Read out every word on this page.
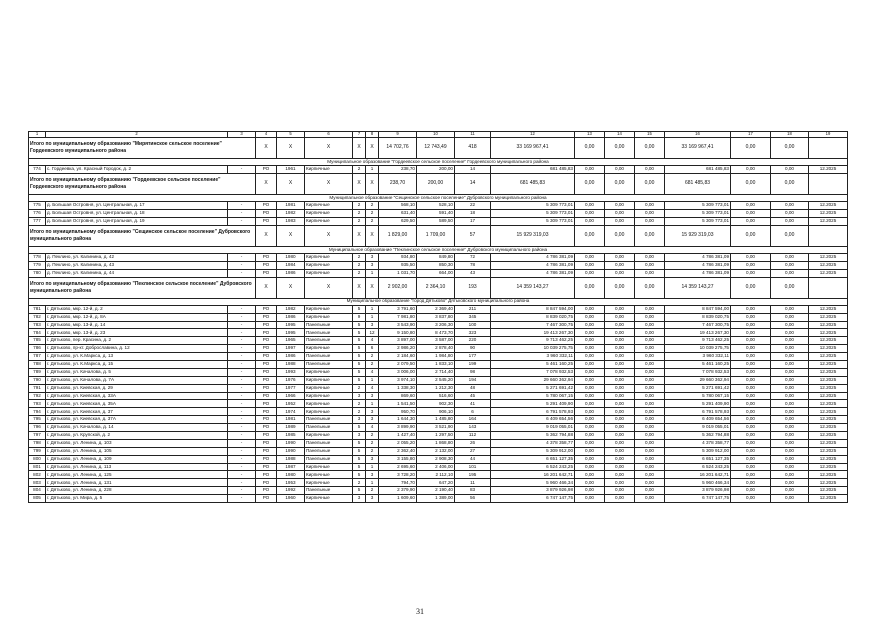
1	2	3	4	5	6	7	8	9	10	11	12	13	14	15	16	17	18	19
Итого по муниципальному образованию "Мирятинское сельское поселение" Гордеевского муниципального района			X	X	X	X	X	14 702,76	12 743,49	418	33 169 967,41	0,00	0,00	0,00	33 169 967,41	0,00	0,00	
Муниципальное образование "Гордеевское сельское поселение" Гордеевского муниципального района																		
774	с. Гордеевка, ул. Красный Городок, д. 2	-	РО	1961	Кирпичные	2	1	238,70	200,00	14	681 485,83	0,00	0,00	0,00	681 485,83	0,00	0,00	12.2025
Итого по муниципальному образованию "Гордеевское сельское поселение" Гордеевского муниципального района			X	X	X	X	X	238,70	200,00	14	681 485,83	0,00	0,00	0,00	681 485,83	0,00	0,00	
Муниципальное образование "Сещинское сельское поселение" Дубровского муниципального района																		
775	д. Большая Островня, ул. Центральная, д. 17	-	РО	1981	Кирпичные	2	2	568,10	528,10	22	5 309 773,01	0,00	0,00	0,00	5 309 773,01	0,00	0,00	12.2025
776	д. Большая Островня, ул. Центральная, д. 18	-	РО	1982	Кирпичные	2	2	631,40	591,40	18	5 309 773,01	0,00	0,00	0,00	5 309 773,01	0,00	0,00	12.2025
777	д. Большая Островня, ул. Центральная, д. 19	-	РО	1983	Кирпичные	2	2	629,50	589,50	17	5 309 773,01	0,00	0,00	0,00	5 309 773,01	0,00	0,00	12.2025
Итого по муниципальному образованию "Сещинское сельское поселение" Дубровского муниципального района			X	X	X	X	X	1 829,00	1 709,00	57	15 929 319,03	0,00	0,00	0,00	15 929 319,03	0,00	0,00	
Муниципальное образование "Пеклинское сельское поселение" Дубровского муниципального района																		
778	д. Пеклино, ул. Калинина, д. 42	-	РО	1980	Кирпичные	2	3	934,80	849,80	72	4 786 381,09	0,00	0,00	0,00	4 786 381,09	0,00	0,00	12.2025
779	д. Пеклино, ул. Калинина, д. 43	-	РО	1984	Кирпичные	2	3	935,50	850,30	78	4 786 381,09	0,00	0,00	0,00	4 786 381,09	0,00	0,00	12.2025
780	д. Пеклино, ул. Калинина, д. 44	-	РО	1986	Кирпичные	2	1	1 031,70	664,00	43	4 786 381,09	0,00	0,00	0,00	4 786 381,09	0,00	0,00	12.2025
Итого по муниципальному образованию "Пеклинское сельское поселение" Дубровского муниципального района			X	X	X	X	X	2 902,00	2 364,10	193	14 359 143,27	0,00	0,00	0,00	14 359 143,27	0,00	0,00	
Муниципальное образование "город Дятьково" Дятьковского муниципального района																		
781	г. Дятьково, мкр. 12-й, д. 2	-	РО	1982	Кирпичные	5	1	3 791,60	2 369,40	211	8 847 594,00	0,00	0,00	0,00	8 847 594,00	0,00	0,00	12.2025
782	г. Дятьково, мкр. 12-й, д. 8А	-	РО	1986	Кирпичные	9	1	7 981,80	3 837,80	345	8 839 020,75	0,00	0,00	0,00	8 839 020,75	0,00	0,00	12.2025
783	г. Дятьково, мкр. 13-й, д. 14	-	РО	1995	Панельные	5	3	3 543,90	3 206,30	100	7 467 300,75	0,00	0,00	0,00	7 467 300,75	0,00	0,00	12.2025
784	г. Дятьково, мкр. 13-й, д. 23	-	РО	1995	Панельные	5	12	9 150,80	8 473,70	323	19 413 267,30	0,00	0,00	0,00	19 413 267,30	0,00	0,00	12.2025
785	г. Дятьково, пер. Красина, д. 2	-	РО	1965	Панельные	5	4	3 897,00	3 587,00	220	9 713 462,25	0,00	0,00	0,00	9 713 462,25	0,00	0,00	12.2025
786	г. Дятьково, пр-кт. Доброславина, д. 12	-	РО	1997	Кирпичные	5	6	2 986,20	2 878,40	90	10 039 275,75	0,00	0,00	0,00	10 039 275,75	0,00	0,00	12.2025
787	г. Дятьково, ул. К.Маркса, д. 13	-	РО	1986	Панельные	5	2	2 184,60	1 984,80	177	3 960 332,11	0,00	0,00	0,00	3 960 332,11	0,00	0,00	12.2025
788	г. Дятьково, ул. К.Маркса, д. 15	-	РО	1988	Панельные	5	2	2 079,50	1 833,10	199	5 461 160,25	0,00	0,00	0,00	5 461 160,25	0,00	0,00	12.2025
789	г. Дятьково, ул. Качалова, д. 5	-	РО	1993	Кирпичные	5	4	3 006,00	2 714,40	98	7 078 932,53	0,00	0,00	0,00	7 078 932,53	0,00	0,00	12.2025
790	г. Дятьково, ул. Качалова, д. 7А	-	РО	1976	Кирпичные	5	1	3 974,10	2 545,20	194	29 660 362,94	0,00	0,00	0,00	29 660 362,94	0,00	0,00	12.2025
791	г. Дятьково, ул. Киевская, д. 29	-	РО	1977	Кирпичные	2	4	1 338,30	1 212,30	48	5 271 691,42	0,00	0,00	0,00	5 271 691,42	0,00	0,00	12.2025
792	г. Дятьково, ул. Киевская, д. 33А	-	РО	1966	Кирпичные	3	3	869,60	516,60	45	5 780 067,15	0,00	0,00	0,00	5 780 067,15	0,00	0,00	12.2025
793	г. Дятьково, ул. Киевская, д. 35А	-	РО	1952	Кирпичные	2	1	1 541,50	902,30	41	5 291 409,90	0,00	0,00	0,00	5 291 409,90	0,00	0,00	12.2025
794	г. Дятьково, ул. Киевская, д. 37	-	РО	1974	Кирпичные	2	3	950,70	906,10	6	6 791 578,93	0,00	0,00	0,00	6 791 578,93	0,00	0,00	12.2025
795	г. Дятьково, ул. Киевская, д. 37А	-	РО	1981	Панельные	3	3	1 644,30	1 485,80	164	6 409 654,56	0,00	0,00	0,00	6 409 654,56	0,00	0,00	12.2025
796	г. Дятьково, ул. Качалова, д. 14	-	РО	1989	Панельные	5	4	3 899,90	3 521,90	143	9 019 055,01	0,00	0,00	0,00	9 019 055,01	0,00	0,00	12.2025
797	г. Дятьково, ул. Крупской, д. 2	-	РО	1985	Кирпичные	3	2	1 427,40	1 297,50	112	5 362 794,88	0,00	0,00	0,00	5 362 794,88	0,00	0,00	12.2025
798	г. Дятьково, ул. Ленина, д. 103	-	РО	1990	Панельные	5	2	2 055,20	1 868,80	26	4 378 358,77	0,00	0,00	0,00	4 378 358,77	0,00	0,00	12.2025
799	г. Дятьково, ул. Ленина, д. 105	-	РО	1990	Панельные	5	2	2 362,40	2 132,00	27	5 309 912,00	0,00	0,00	0,00	5 309 912,00	0,00	0,00	12.2025
800	г. Дятьково, ул. Ленина, д. 109	-	РО	1988	Панельные	5	3	3 155,80	2 908,30	44	6 651 127,35	0,00	0,00	0,00	6 651 127,35	0,00	0,00	12.2025
801	г. Дятьково, ул. Ленина, д. 113	-	РО	1987	Кирпичные	5	1	2 695,60	2 406,00	101	6 524 243,25	0,00	0,00	0,00	6 524 243,25	0,00	0,00	12.2025
802	г. Дятьково, ул. Ленина, д. 125	-	РО	1980	Кирпичные	5	3	3 728,20	2 112,10	195	16 201 642,71	0,00	0,00	0,00	16 201 642,71	0,00	0,00	12.2025
803	г. Дятьково, ул. Ленина, д. 131	-	РО	1953	Кирпичные	2	1	794,70	647,20	11	5 960 466,34	0,00	0,00	0,00	5 960 466,34	0,00	0,00	12.2025
804	г. Дятьково, ул. Ленина, д. 228	-	РО	1992	Панельные	5	2	2 379,90	2 190,40	83	3 879 926,98	0,00	0,00	0,00	3 879 926,98	0,00	0,00	12.2025
805	г. Дятьково, ул. Мира, д. 5	-	РО	1960	Кирпичные	3	3	1 609,60	1 389,00	56	6 747 147,75	0,00	0,00	0,00	6 747 147,75	0,00	0,00	12.2025
31
